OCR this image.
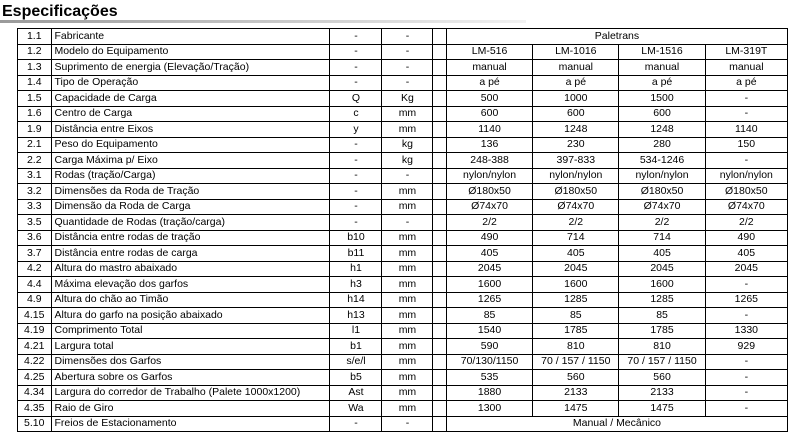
Especificações
1.1	Fabricante	-	-		Paletrans			
1.2	Modelo do Equipamento	-	-		LM-516	LM-1016	LM-1516	LM-319T
1.3	Suprimento de energia (Elevação/Tração)	-	-		manual	manual	manual	manual
1.4	Tipo de Operação	-	-		a pé	a pé	a pé	a pé
1.5	Capacidade de Carga	Q	Kg		500	1000	1500	-
1.6	Centro de Carga	c	mm		600	600	600	-
1.9	Distância entre Eixos	y	mm		1140	1248	1248	1140
2.1	Peso do Equipamento	-	kg		136	230	280	150
2.2	Carga Máxima p/ Eixo	-	kg		248-388	397-833	534-1246	-
3.1	Rodas (tração/Carga)	-	-		nylon/nylon	nylon/nylon	nylon/nylon	nylon/nylon
3.2	Dimensões da Roda de Tração	-	mm		Ø180x50	Ø180x50	Ø180x50	Ø180x50
3.3	Dimensão da Roda de Carga	-	mm		Ø74x70	Ø74x70	Ø74x70	Ø74x70
3.5	Quantidade de Rodas (tração/carga)	-	-		2/2	2/2	2/2	2/2
3.6	Distância entre rodas de tração	b10	mm		490	714	714	490
3.7	Distância entre rodas de carga	b11	mm		405	405	405	405
4.2	Altura do mastro abaixado	h1	mm		2045	2045	2045	2045
4.4	Máxima elevação dos garfos	h3	mm		1600	1600	1600	-
4.9	Altura do chão ao Timão	h14	mm		1265	1285	1285	1265
4.15	Altura do garfo na posição abaixado	h13	mm		85	85	85	-
4.19	Comprimento Total	l1	mm		1540	1785	1785	1330
4.21	Largura total	b1	mm		590	810	810	929
4.22	Dimensões dos Garfos	s/e/l	mm		70/130/1150	70 / 157 / 1150	70 / 157 / 1150	-
4.25	Abertura sobre os Garfos	b5	mm		535	560	560	-
4.34	Largura do corredor de Trabalho (Palete 1000x1200)	Ast	mm		1880	2133	2133	-
4.35	Raio de Giro	Wa	mm		1300	1475	1475	-
5.10	Freios de Estacionamento	-	-		Manual / Mecânico			
